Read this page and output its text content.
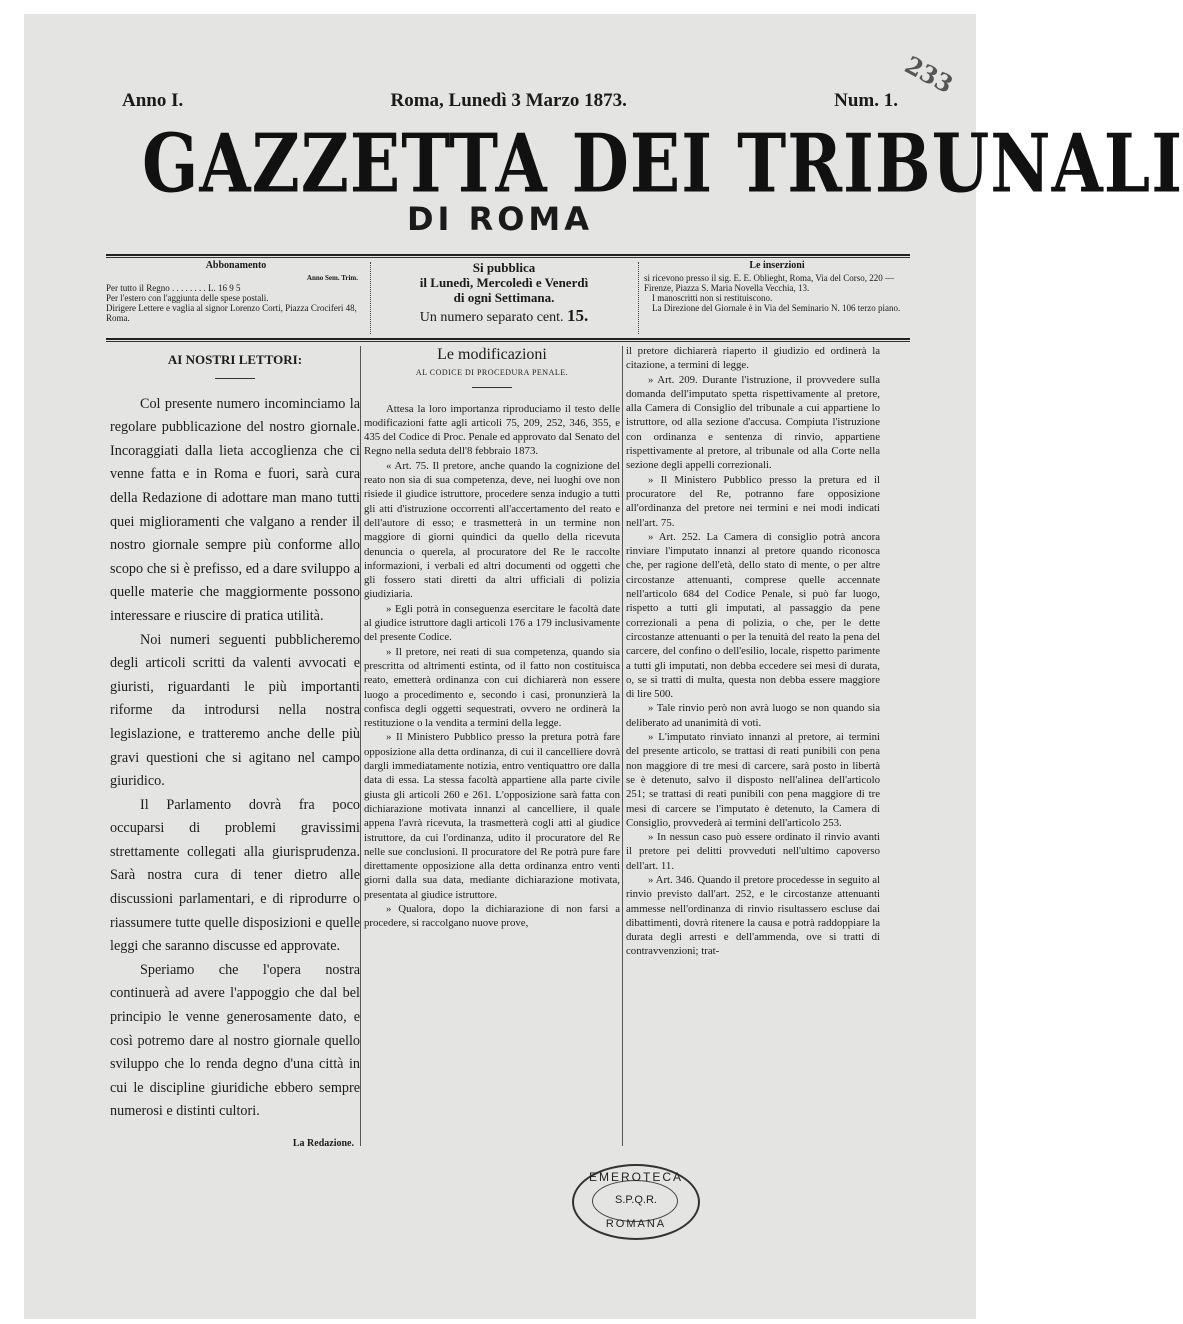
Anno I.	Roma, Lunedì 3 Marzo 1873.	Num. 1.
233
GAZZETTA DEI TRIBUNALI
DI ROMA
Abbonamento
Anno Sem. Trim.
Per tutto il Regno . . . . . . . . L. 16 9 5
Per l'estero con l'aggiunta delle spese postali.
Dirigere Lettere e vaglia al signor Lorenzo Corti, Piazza Crociferi 48, Roma.
Si pubblica
il Lunedì, Mercoledì e Venerdì
di ogni Settimana.
Un numero separato cent. 15.
Le inserzioni
si ricevono presso il sig. E. E. Oblieght, Roma, Via del Corso, 220 — Firenze, Piazza S. Maria Novella Vecchia, 13.
I manoscritti non si restituiscono.
La Direzione del Giornale è in Via del Seminario N. 106 terzo piano.
AI NOSTRI LETTORI:

Col presente numero incominciamo la regolare pubblicazione del nostro giornale. Incoraggiati dalla lieta accoglienza che ci venne fatta e in Roma e fuori, sarà cura della Redazione di adottare man mano tutti quei miglioramenti che valgano a render il nostro giornale sempre più conforme allo scopo che si è prefisso, ed a dare sviluppo a quelle materie che maggiormente possono interessare e riuscire di pratica utilità.

Noi numeri seguenti pubblicheremo degli articoli scritti da valenti avvocati e giuristi, riguardanti le più importanti riforme da introdursi nella nostra legislazione, e tratteremo anche delle più gravi questioni che si agitano nel campo giuridico.

Il Parlamento dovrà fra poco occuparsi di problemi gravissimi strettamente collegati alla giurisprudenza. Sarà nostra cura di tener dietro alle discussioni parlamentari, e di riprodurre o riassumere tutte quelle disposizioni e quelle leggi che saranno discusse ed approvate.

Speriamo che l'opera nostra continuerà ad avere l'appoggio che dal bel principio le venne generosamente dato, e così potremo dare al nostro giornale quello sviluppo che lo renda degno d'una città in cui le discipline giuridiche ebbero sempre numerosi e distinti cultori.

La Redazione.
Le modificazioni
AL CODICE DI PROCEDURA PENALE.

Attesa la loro importanza riproduciamo il testo delle modificazioni fatte agli articoli 75, 209, 252, 346, 355, e 435 del Codice di Proc. Penale ed approvato dal Senato del Regno nella seduta dell'8 febbraio 1873.

« Art. 75. Il pretore, anche quando la cognizione del reato non sia di sua competenza, deve, nei luoghi ove non risiede il giudice istruttore, procedere senza indugio a tutti gli atti d'istruzione occorrenti all'accertamento del reato e dell'autore di esso; e trasmetterà in un termine non maggiore di giorni quindici da quello della ricevuta denuncia o querela, al procuratore del Re le raccolte informazioni, i verbali ed altri documenti od oggetti che gli fossero stati diretti da altri ufficiali di polizia giudiziaria.

» Egli potrà in conseguenza esercitare le facoltà date al giudice istruttore dagli articoli 176 a 179 inclusivamente del presente Codice.

» Il pretore, nei reati di sua competenza, quando sia prescritta od altrimenti estinta, od il fatto non costituisca reato, emetterà ordinanza con cui dichiarerà non essere luogo a procedimento e, secondo i casi, pronunzierà la confisca degli oggetti sequestrati, ovvero ne ordinerà la restituzione o la vendita a termini della legge.

» Il Ministero Pubblico presso la pretura potrà fare opposizione alla detta ordinanza, di cui il cancelliere dovrà dargli immediatamente notizia, entro ventiquattro ore dalla data di essa. La stessa facoltà appartiene alla parte civile giusta gli articoli 260 e 261. L'opposizione sarà fatta con dichiarazione motivata innanzi al cancelliere, il quale appena l'avrà ricevuta, la trasmetterà cogli atti al giudice istruttore, da cui l'ordinanza, udito il procuratore del Re nelle sue conclusioni. Il procuratore del Re potrà pure fare direttamente opposizione alla detta ordinanza entro venti giorni dalla sua data, mediante dichiarazione motivata, presentata al giudice istruttore.

» Qualora, dopo la dichiarazione di non farsi a procedere, si raccolgano nuove prove,

il pretore dichiarerà riaperto il giudizio ed ordinerà la citazione, a termini di legge.

» Art. 209. Durante l'istruzione, il provvedere sulla domanda dell'imputato spetta rispettivamente al pretore, alla Camera di Consiglio del tribunale a cui appartiene lo istruttore, od alla sezione d'accusa. Compiuta l'istruzione con ordinanza e sentenza di rinvio, appartiene rispettivamente al pretore, al tribunale od alla Corte nella sezione degli appelli correzionali.

» Il Ministero Pubblico presso la pretura ed il procuratore del Re, potranno fare opposizione all'ordinanza del pretore nei termini e nei modi indicati nell'art. 75.

» Art. 252. La Camera di consiglio potrà ancora rinviare l'imputato innanzi al pretore quando riconosca che, per ragione dell'età, dello stato di mente, o per altre circostanze attenuanti, comprese quelle accennate nell'articolo 684 del Codice Penale, si può far luogo, rispetto a tutti gli imputati, al passaggio da pene correzionali a pena di polizia, o che, per le dette circostanze attenuanti o per la tenuità del reato la pena del carcere, del confino o dell'esilio, locale, rispetto parimente a tutti gli imputati, non debba eccedere sei mesi di durata, o, se si tratti di multa, questa non debba essere maggiore di lire 500.

» Tale rinvio però non avrà luogo se non quando sia deliberato ad unanimità di voti.

» L'imputato rinviato innanzi al pretore, ai termini del presente articolo, se trattasi di reati punibili con pena non maggiore di tre mesi di carcere, sarà posto in libertà se è detenuto, salvo il disposto nell'alinea dell'articolo 251; se trattasi di reati punibili con pena maggiore di tre mesi di carcere se l'imputato è detenuto, la Camera di Consiglio, provvederà ai termini dell'articolo 253.

» In nessun caso può essere ordinato il rinvio avanti il pretore pei delitti provveduti nell'ultimo capoverso dell'art. 11.

» Art. 346. Quando il pretore procedesse in seguito al rinvio previsto dall'art. 252, e le circostanze attenuanti ammesse nell'ordinanza di rinvio risultassero escluse dai dibattimenti, dovrà ritenere la causa e potrà raddoppiare la durata degli arresti e dell'ammenda, ove si tratti di contravvenzioni; trat-

EMEROTECA
S.P.Q.R.
ROMANA
